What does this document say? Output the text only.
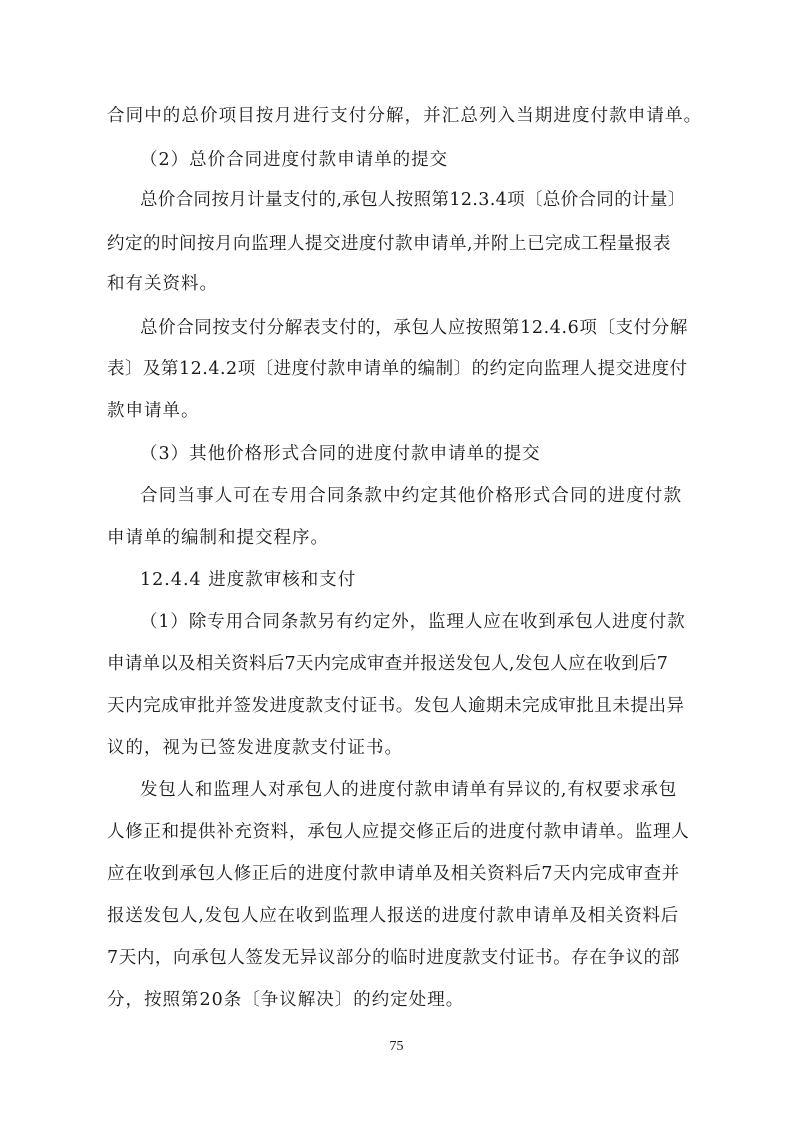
合同中的总价项目按月进行支付分解，并汇总列入当期进度付款申请单。
（2）总价合同进度付款申请单的提交
总价合同按月计量支付的,承包人按照第12.3.4项〔总价合同的计量〕
约定的时间按月向监理人提交进度付款申请单,并附上已完成工程量报表
和有关资料。
总价合同按支付分解表支付的，承包人应按照第12.4.6项〔支付分解
表〕及第12.4.2项〔进度付款申请单的编制〕的约定向监理人提交进度付
款申请单。
（3）其他价格形式合同的进度付款申请单的提交
合同当事人可在专用合同条款中约定其他价格形式合同的进度付款
申请单的编制和提交程序。
12.4.4 进度款审核和支付
（1）除专用合同条款另有约定外，监理人应在收到承包人进度付款
申请单以及相关资料后7天内完成审查并报送发包人,发包人应在收到后7
天内完成审批并签发进度款支付证书。发包人逾期未完成审批且未提出异
议的，视为已签发进度款支付证书。
发包人和监理人对承包人的进度付款申请单有异议的,有权要求承包
人修正和提供补充资料，承包人应提交修正后的进度付款申请单。监理人
应在收到承包人修正后的进度付款申请单及相关资料后7天内完成审查并
报送发包人,发包人应在收到监理人报送的进度付款申请单及相关资料后
7天内，向承包人签发无异议部分的临时进度款支付证书。存在争议的部
分，按照第20条〔争议解决〕的约定处理。
75
